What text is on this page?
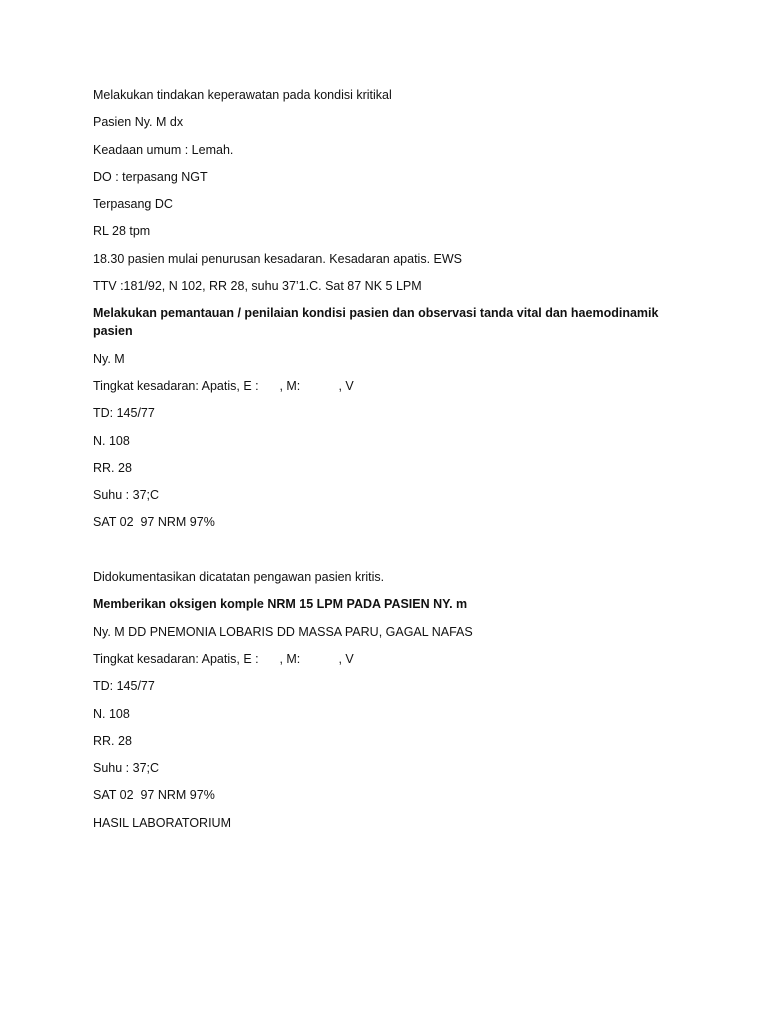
Melakukan tindakan keperawatan pada kondisi kritikal

Pasien Ny. M dx

Keadaan umum : Lemah.

DO : terpasang NGT

Terpasang DC

RL 28 tpm

18.30 pasien mulai penurusan kesadaran. Kesadaran apatis. EWS

TTV :181/92, N 102, RR 28, suhu 37’1.C. Sat 87 NK 5 LPM

Melakukan pemantauan / penilaian kondisi pasien dan observasi tanda vital dan haemodinamik pasien

Ny. M

Tingkat kesadaran: Apatis, E :      , M:           , V

TD: 145/77

N. 108

RR. 28

Suhu : 37;C

SAT 02  97 NRM 97%

Didokumentasikan dicatatan pengawan pasien kritis.

Memberikan oksigen komple NRM 15 LPM PADA PASIEN NY. m

Ny. M DD PNEMONIA LOBARIS DD MASSA PARU, GAGAL NAFAS

Tingkat kesadaran: Apatis, E :      , M:           , V

TD: 145/77

N. 108

RR. 28

Suhu : 37;C

SAT 02  97 NRM 97%

HASIL LABORATORIUM
